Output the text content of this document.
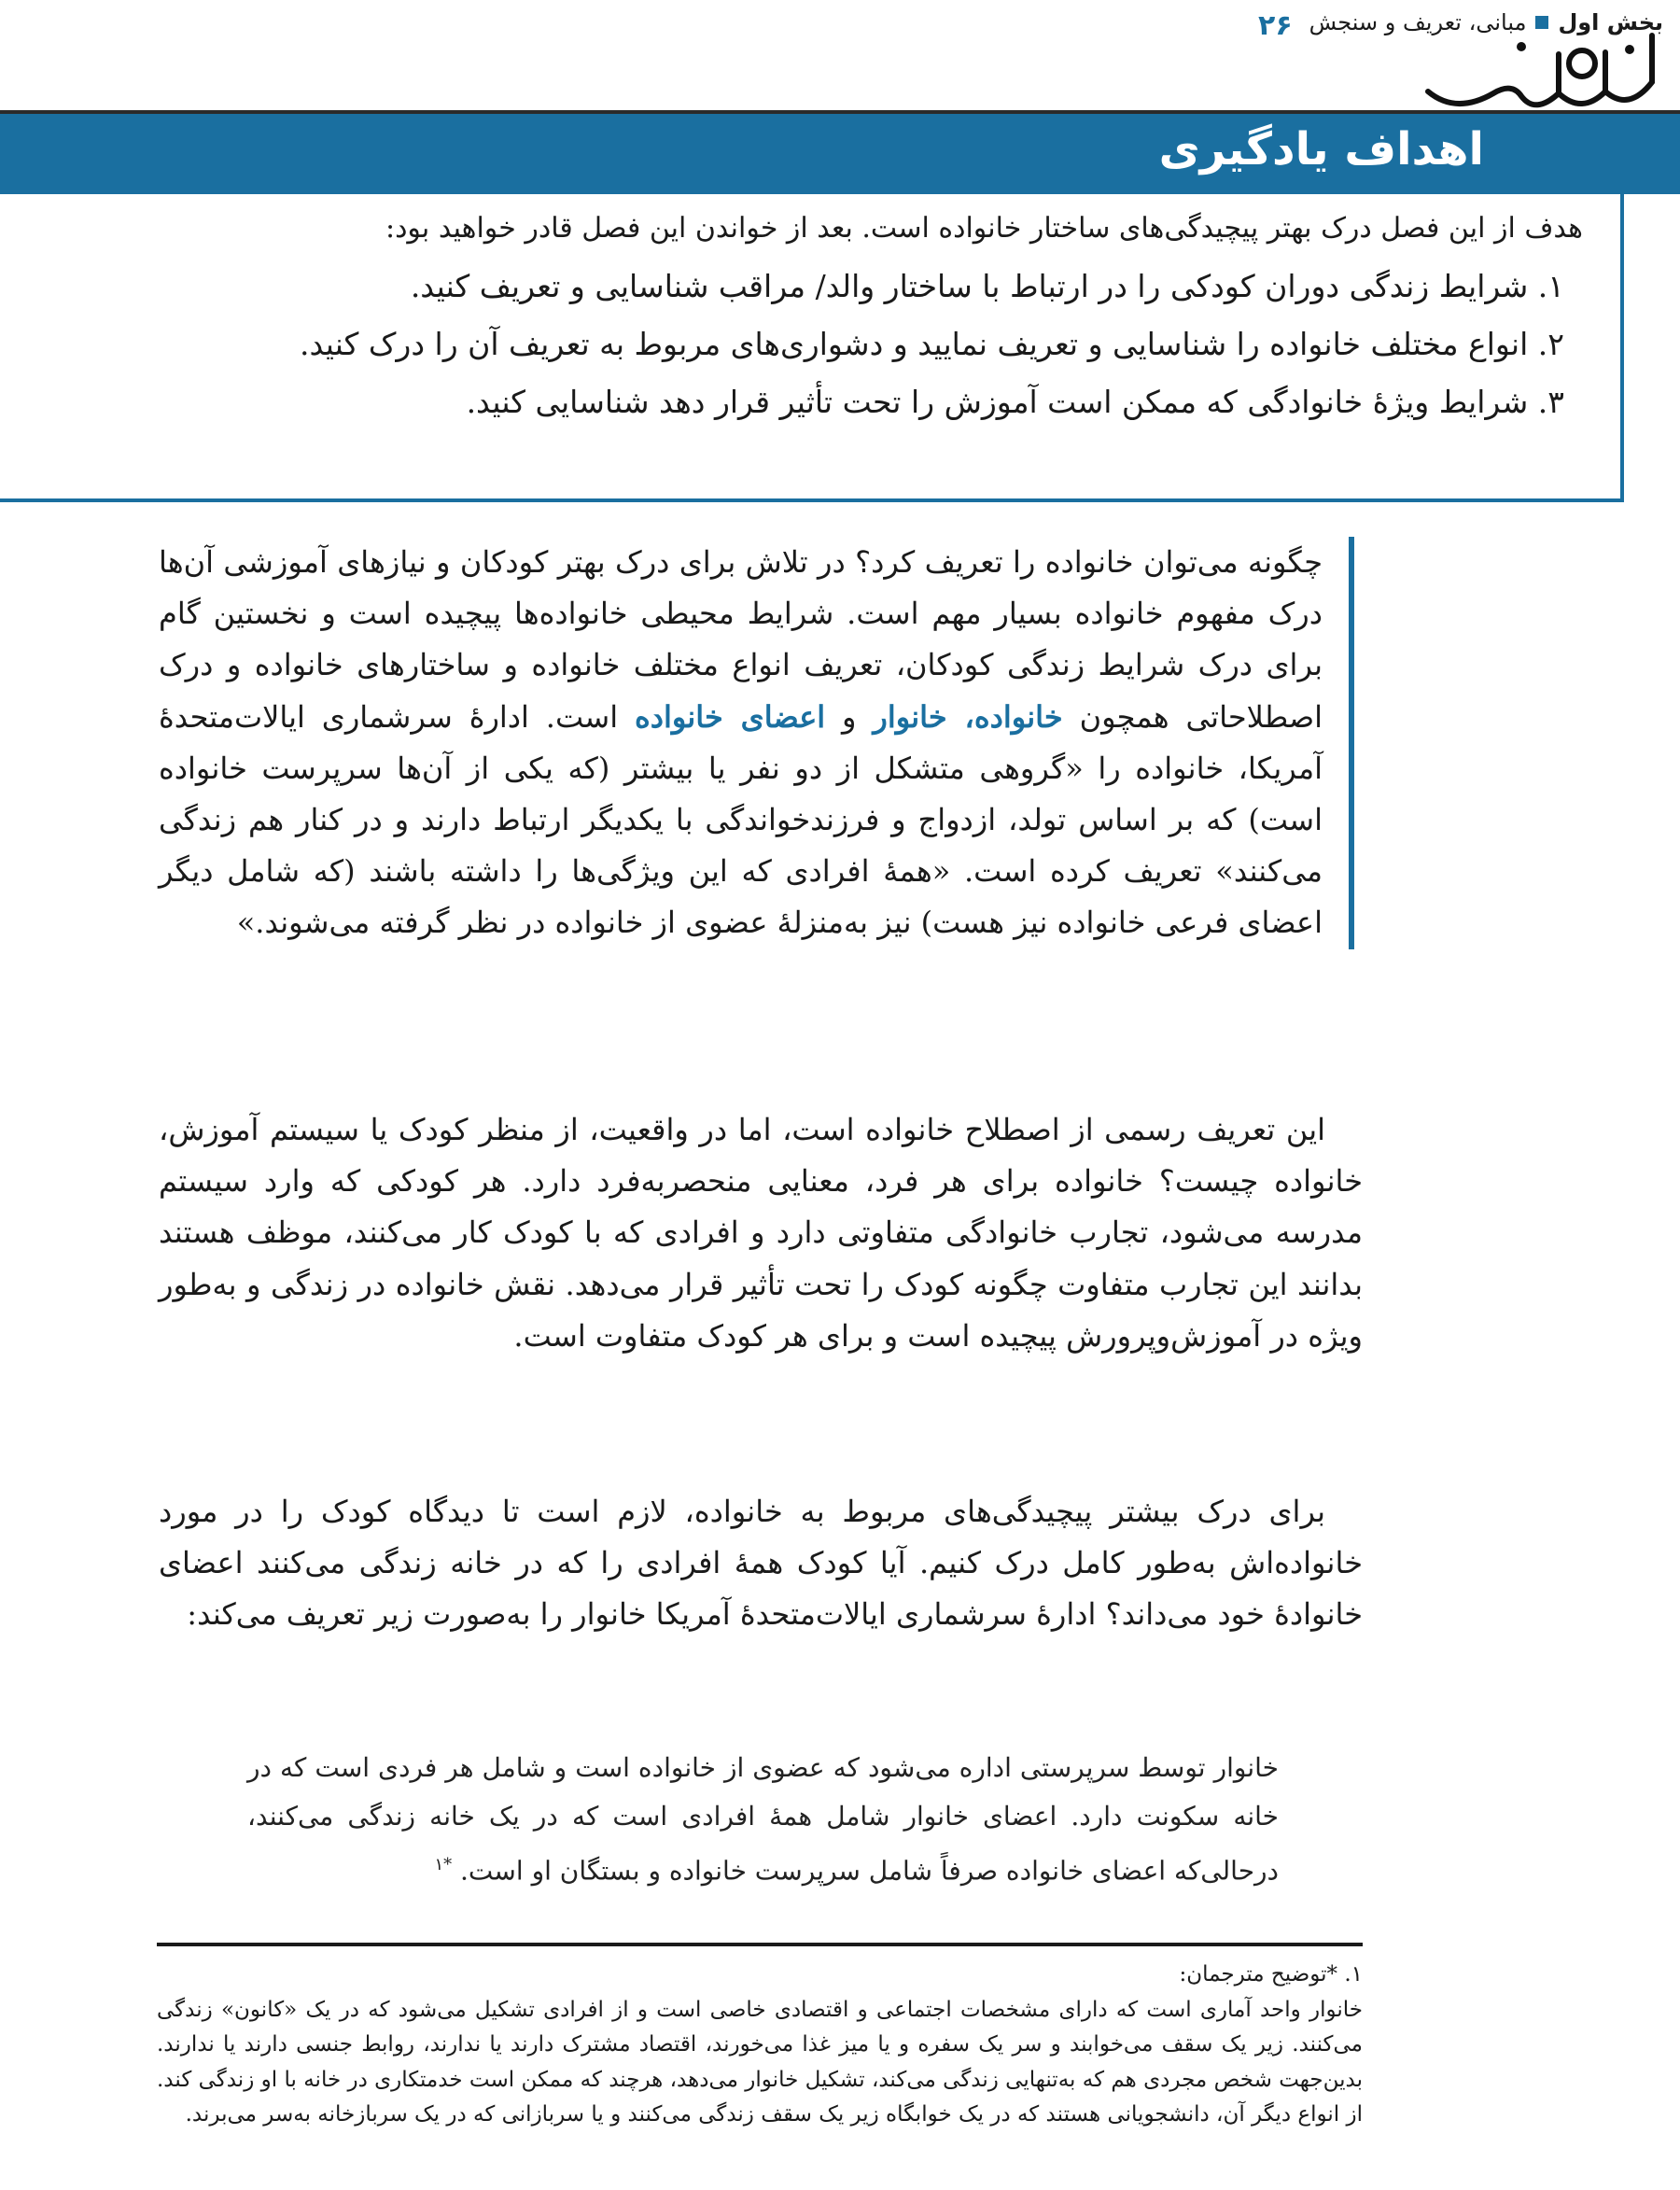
۲۶	بخش اول
مبانی، تعریف و سنجش
اهداف یادگیری
هدف از این فصل درک بهتر پیچیدگی‌های ساختار خانواده است. بعد از خواندن این فصل قادر خواهید بود:
۱. شرایط زندگی دوران کودکی را در ارتباط با ساختار والد/ مراقب شناسایی و تعریف کنید.
۲. انواع مختلف خانواده را شناسایی و تعریف نمایید و دشواری‌های مربوط به تعریف آن را درک کنید.
۳. شرایط ویژهٔ خانوادگی که ممکن است آموزش را تحت تأثیر قرار دهد شناسایی کنید.

چگونه می‌توان خانواده را تعریف کرد؟ در تلاش برای درک بهتر کودکان و نیازهای آموزشی آن‌ها درک مفهوم خانواده بسیار مهم است. شرایط محیطی خانواده‌ها پیچیده است و نخستین گام برای درک شرایط زندگی کودکان، تعریف انواع مختلف خانواده و ساختارهای خانواده و درک اصطلاحاتی همچون خانواده، خانوار و اعضای خانواده است. ادارهٔ سرشماری ایالات‌متحدهٔ آمریکا، خانواده را «گروهی متشکل از دو نفر یا بیشتر (که یکی از آن‌ها سرپرست خانواده است) که بر اساس تولد، ازدواج و فرزندخواندگی با یکدیگر ارتباط دارند و در کنار هم زندگی می‌کنند» تعریف کرده است. «همهٔ افرادی که این ویژگی‌ها را داشته باشند (که شامل دیگر اعضای فرعی خانواده نیز هست) نیز به‌منزلهٔ عضوی از خانواده در نظر گرفته می‌شوند.»

این تعریف رسمی از اصطلاح خانواده است، اما در واقعیت، از منظر کودک یا سیستم آموزش، خانواده چیست؟ خانواده برای هر فرد، معنایی منحصربه‌فرد دارد. هر کودکی که وارد سیستم مدرسه می‌شود، تجارب خانوادگی متفاوتی دارد و افرادی که با کودک کار می‌کنند، موظف هستند بدانند این تجارب متفاوت چگونه کودک را تحت تأثیر قرار می‌دهد. نقش خانواده در زندگی و به‌طور ویژه در آموزش‌وپرورش پیچیده است و برای هر کودک متفاوت است.

برای درک بیشتر پیچیدگی‌های مربوط به خانواده، لازم است تا دیدگاه کودک را در مورد خانواده‌اش به‌طور کامل درک کنیم. آیا کودک همهٔ افرادی را که در خانه زندگی می‌کنند اعضای خانوادهٔ خود می‌داند؟ ادارهٔ سرشماری ایالات‌متحدهٔ آمریکا خانوار را به‌صورت زیر تعریف می‌کند:

خانوار توسط سرپرستی اداره می‌شود که عضوی از خانواده است و شامل هر فردی است که در خانه سکونت دارد. اعضای خانوار شامل همهٔ افرادی است که در یک خانه زندگی می‌کنند، درحالی‌که اعضای خانواده صرفاً شامل سرپرست خانواده و بستگان او است. $^{*۱}$

۱. *توضیح مترجمان:
خانوار واحد آماری است که دارای مشخصات اجتماعی و اقتصادی خاصی است و از افرادی تشکیل می‌شود که در یک «کانون» زندگی می‌کنند. زیر یک سقف می‌خوابند و سر یک سفره و یا میز غذا می‌خورند، اقتصاد مشترک دارند یا ندارند، روابط جنسی دارند یا ندارند. بدین‌جهت شخص مجردی هم که به‌تنهایی زندگی می‌کند، تشکیل خانوار می‌دهد، هرچند که ممکن است خدمتکاری در خانه با او زندگی کند. از انواع دیگر آن، دانشجویانی هستند که در یک خوابگاه زیر یک سقف زندگی می‌کنند و یا سربازانی که در یک سربازخانه به‌سر می‌برند.
